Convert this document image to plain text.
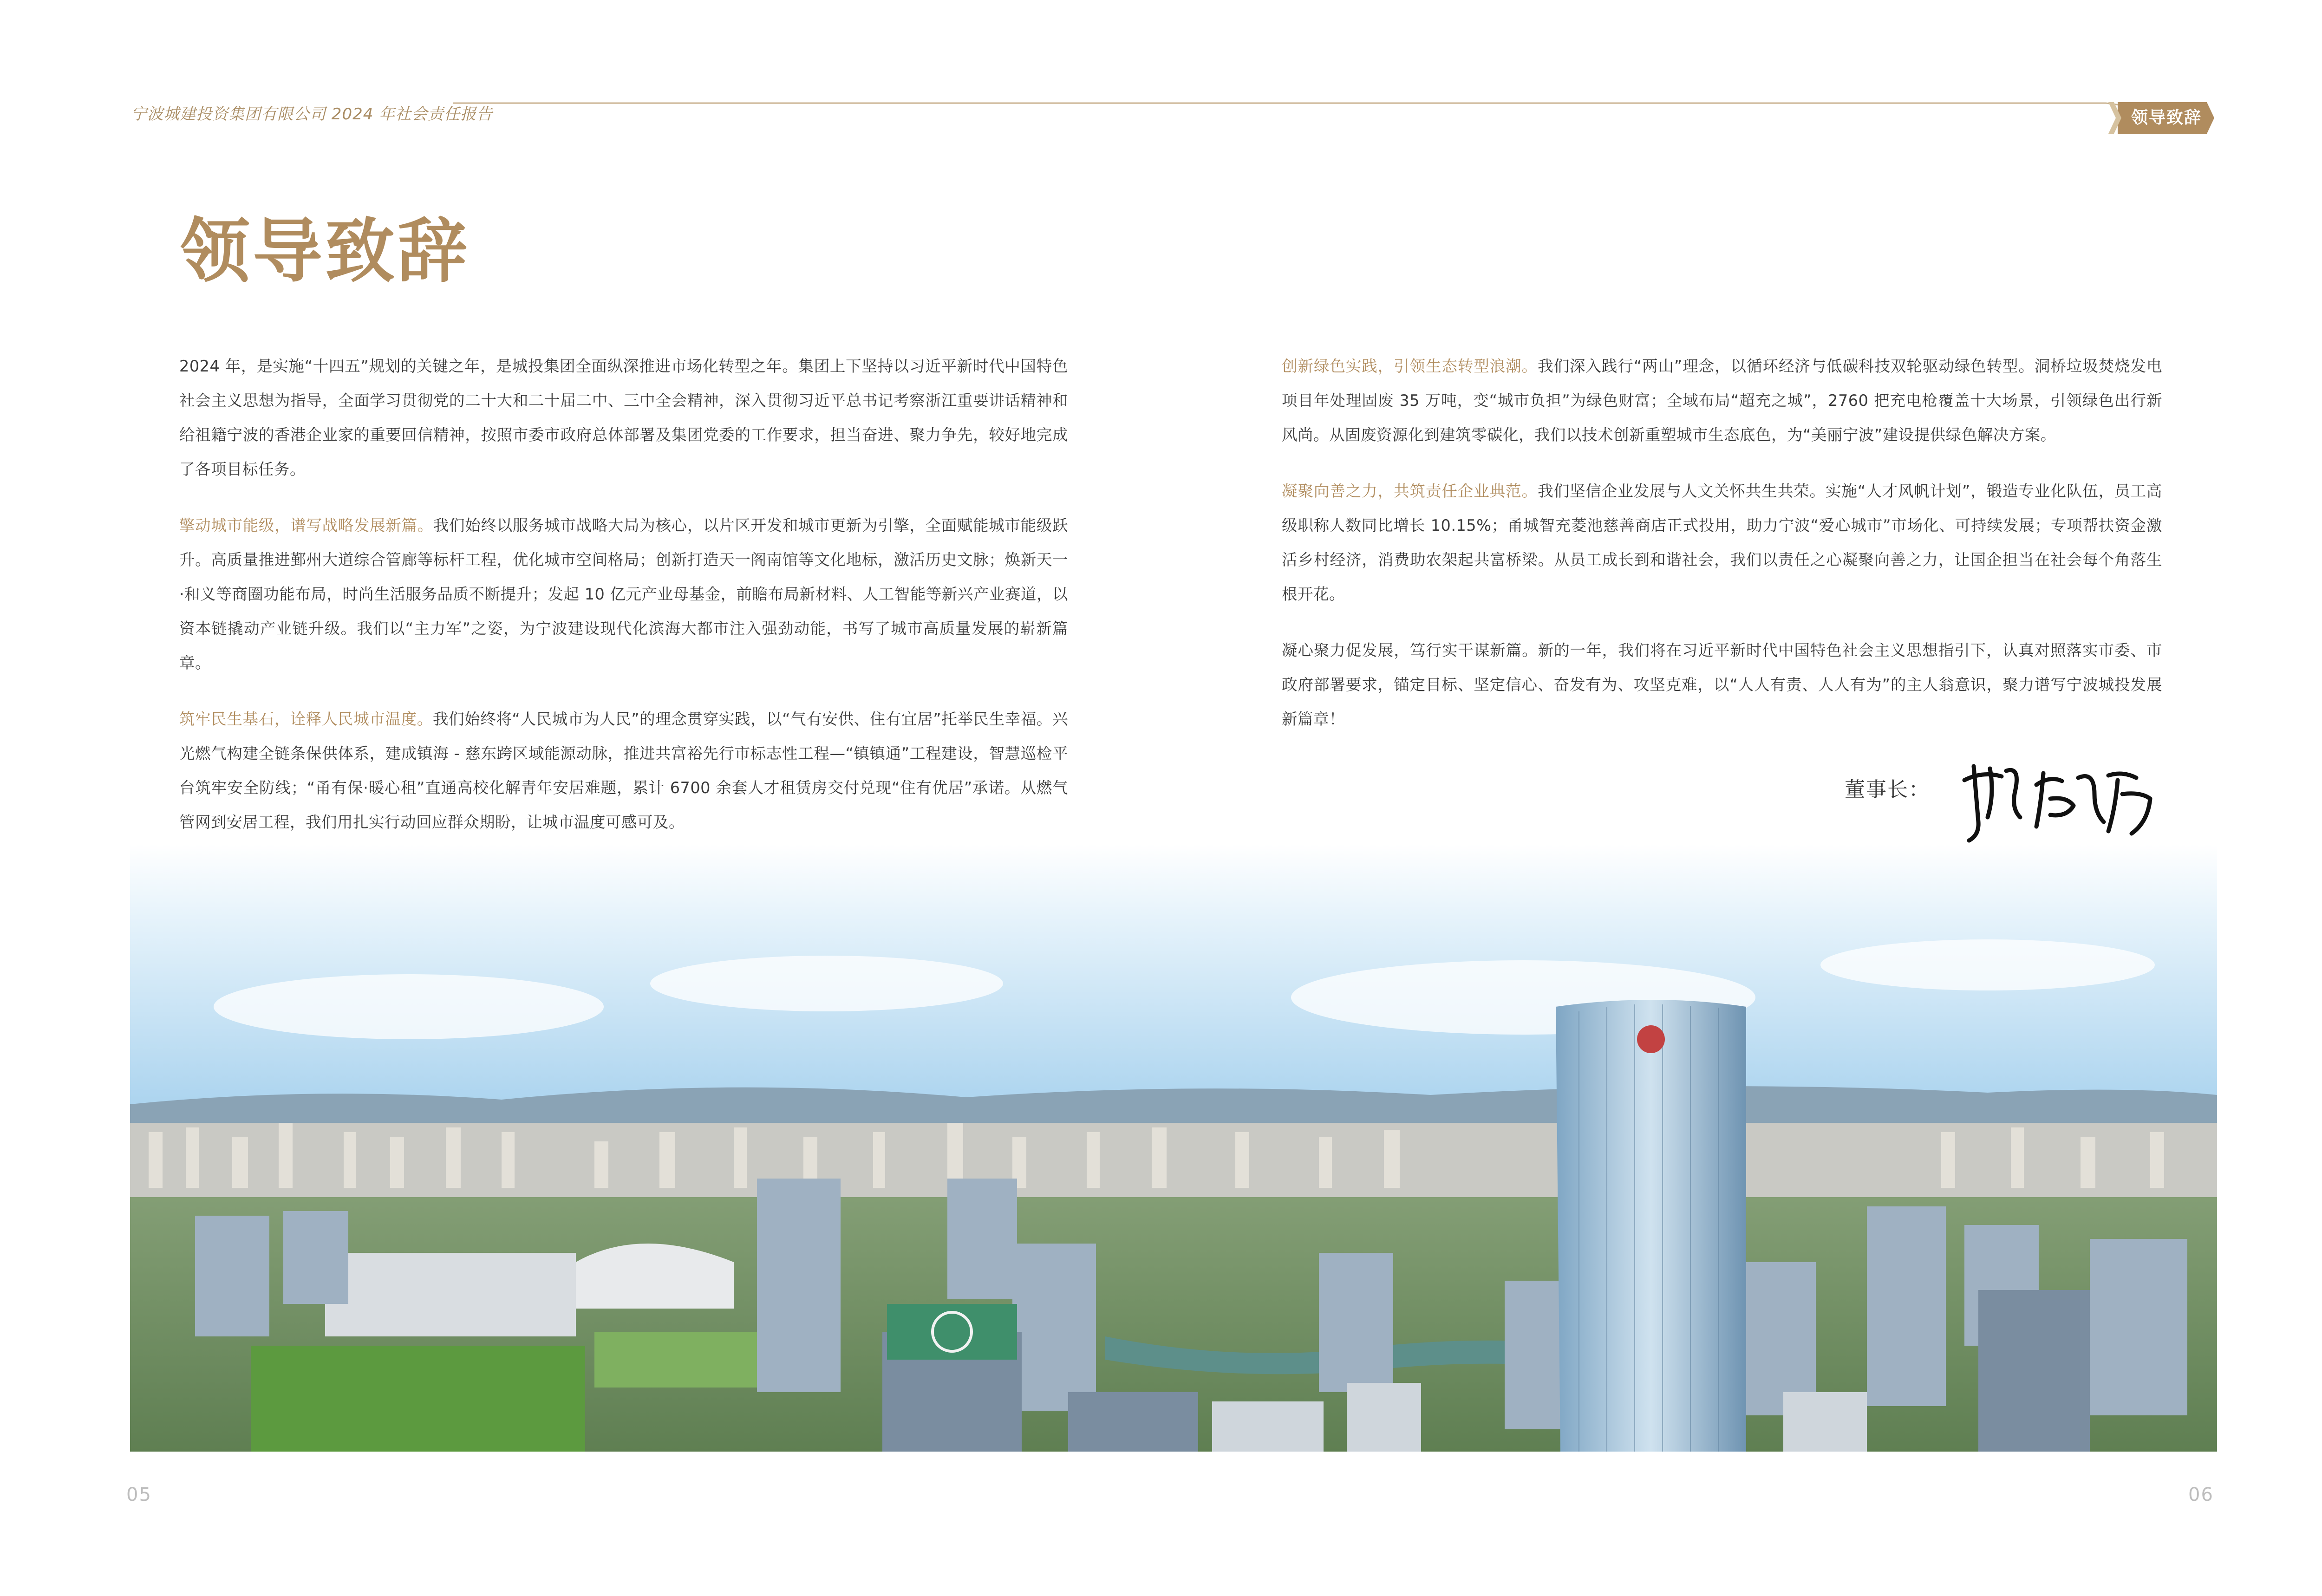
宁波城建投资集团有限公司 2024 年社会责任报告	领导致辞
领导致辞

2024 年，是实施“十四五”规划的关键之年，是城投集团全面纵深推进市场化转型之年。集团上下坚持以习近平新时代中国特色社会主义思想为指导，全面学习贯彻党的二十大和二十届二中、三中全会精神，深入贯彻习近平总书记考察浙江重要讲话精神和给祖籍宁波的香港企业家的重要回信精神，按照市委市政府总体部署及集团党委的工作要求，担当奋进、聚力争先，较好地完成了各项目标任务。

擎动城市能级，谱写战略发展新篇。我们始终以服务城市战略大局为核心，以片区开发和城市更新为引擎，全面赋能城市能级跃升。高质量推进鄞州大道综合管廊等标杆工程，优化城市空间格局；创新打造天一阁南馆等文化地标，激活历史文脉；焕新天一·和义等商圈功能布局，时尚生活服务品质不断提升；发起 10 亿元产业母基金，前瞻布局新材料、人工智能等新兴产业赛道，以资本链撬动产业链升级。我们以“主力军”之姿，为宁波建设现代化滨海大都市注入强劲动能，书写了城市高质量发展的崭新篇章。

筑牢民生基石，诠释人民城市温度。我们始终将“人民城市为人民”的理念贯穿实践，以“气有安供、住有宜居”托举民生幸福。兴光燃气构建全链条保供体系，建成镇海 - 慈东跨区域能源动脉，推进共富裕先行市标志性工程—“镇镇通”工程建设，智慧巡检平台筑牢安全防线；“甬有保·暖心租”直通高校化解青年安居难题，累计 6700 余套人才租赁房交付兑现“住有优居”承诺。从燃气管网到安居工程，我们用扎实行动回应群众期盼，让城市温度可感可及。

创新绿色实践，引领生态转型浪潮。我们深入践行“两山”理念，以循环经济与低碳科技双轮驱动绿色转型。洞桥垃圾焚烧发电项目年处理固废 35 万吨，变“城市负担”为绿色财富；全域布局“超充之城”，2760 把充电枪覆盖十大场景，引领绿色出行新风尚。从固废资源化到建筑零碳化，我们以技术创新重塑城市生态底色，为“美丽宁波”建设提供绿色解决方案。

凝聚向善之力，共筑责任企业典范。我们坚信企业发展与人文关怀共生共荣。实施“人才风帆计划”，锻造专业化队伍，员工高级职称人数同比增长 10.15%；甬城智充菱池慈善商店正式投用，助力宁波“爱心城市”市场化、可持续发展；专项帮扶资金激活乡村经济，消费助农架起共富桥梁。从员工成长到和谐社会，我们以责任之心凝聚向善之力，让国企担当在社会每个角落生根开花。

凝心聚力促发展，笃行实干谋新篇。新的一年，我们将在习近平新时代中国特色社会主义思想指引下，认真对照落实市委、市政府部署要求，锚定目标、坚定信心、奋发有为、攻坚克难，以“人人有责、人人有为”的主人翁意识，聚力谱写宁波城投发展新篇章！

董事长：
05	06
